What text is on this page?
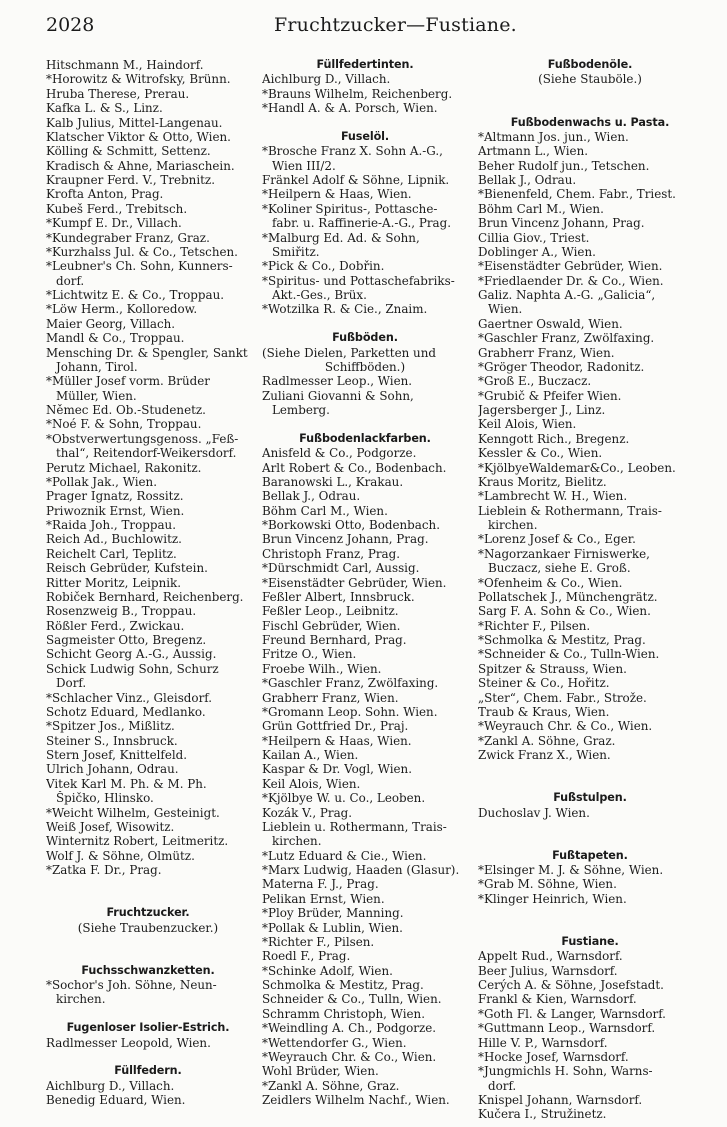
2028	Fruchtzucker—Fustiane.
Hitschmann M., Haindorf.
*Horowitz & Witrofsky, Brünn.
Hruba Therese, Prerau.
Kafka L. & S., Linz.
Kalb Julius, Mittel-Langenau.
Klatscher Viktor & Otto, Wien.
Kölling & Schmitt, Settenz.
Kradisch & Ahne, Mariaschein.
Kraupner Ferd. V., Trebnitz.
Krofta Anton, Prag.
Kubeš Ferd., Trebitsch.
*Kumpf E. Dr., Villach.
*Kundegraber Franz, Graz.
*Kurzhalss Jul. & Co., Tetschen.
*Leubner's Ch. Sohn, Kunners-
dorf.
*Lichtwitz E. & Co., Troppau.
*Löw Herm., Kolloredow.
Maier Georg, Villach.
Mandl & Co., Troppau.
Mensching Dr. & Spengler, Sankt
Johann, Tirol.
*Müller Josef vorm. Brüder
Müller, Wien.
Němec Ed. Ob.-Studenetz.
*Noé F. & Sohn, Troppau.
*Obstverwertungsgenoss. „Feß-
thal“, Reitendorf-Weikersdorf.
Perutz Michael, Rakonitz.
*Pollak Jak., Wien.
Prager Ignatz, Rossitz.
Priwoznik Ernst, Wien.
*Raida Joh., Troppau.
Reich Ad., Buchlowitz.
Reichelt Carl, Teplitz.
Reisch Gebrüder, Kufstein.
Ritter Moritz, Leipnik.
Robiček Bernhard, Reichenberg.
Rosenzweig B., Troppau.
Rößler Ferd., Zwickau.
Sagmeister Otto, Bregenz.
Schicht Georg A.-G., Aussig.
Schick Ludwig Sohn, Schurz
Dorf.
*Schlacher Vinz., Gleisdorf.
Schotz Eduard, Medlanko.
*Spitzer Jos., Mißlitz.
Steiner S., Innsbruck.
Stern Josef, Knittelfeld.
Ulrich Johann, Odrau.
Vitek Karl M. Ph. & M. Ph.
Špičko, Hlinsko.
*Weicht Wilhelm, Gesteinigt.
Weiß Josef, Wisowitz.
Winternitz Robert, Leitmeritz.
Wolf J. & Söhne, Olmütz.
*Zatka F. Dr., Prag.
Fruchtzucker.
(Siehe Traubenzucker.)
Fuchsschwanzketten.
*Sochor's Joh. Söhne, Neun-
kirchen.
Fugenloser Isolier-Estrich.
Radlmesser Leopold, Wien.
Füllfedern.
Aichlburg D., Villach.
Benedig Eduard, Wien.
Füllfedertinten.
Aichlburg D., Villach.
*Brauns Wilhelm, Reichenberg.
*Handl A. & A. Porsch, Wien.
Fuselöl.
*Brosche Franz X. Sohn A.-G.,
Wien III/2.
Fränkel Adolf & Söhne, Lipnik.
*Heilpern & Haas, Wien.
*Koliner Spiritus-, Pottasche-
fabr. u. Raffinerie-A.-G., Prag.
*Malburg Ed. Ad. & Sohn,
Smiřitz.
*Pick & Co., Dobřin.
*Spiritus- und Pottaschefabriks-
Akt.-Ges., Brüx.
*Wotzilka R. & Cie., Znaim.
Fußböden.
(Siehe Dielen, Parketten und
Schiffböden.)
Radlmesser Leop., Wien.
Zuliani Giovanni & Sohn,
Lemberg.
Fußbodenlackfarben.
Anisfeld & Co., Podgorze.
Arlt Robert & Co., Bodenbach.
Baranowski L., Krakau.
Bellak J., Odrau.
Böhm Carl M., Wien.
*Borkowski Otto, Bodenbach.
Brun Vincenz Johann, Prag.
Christoph Franz, Prag.
*Dürschmidt Carl, Aussig.
*Eisenstädter Gebrüder, Wien.
Feßler Albert, Innsbruck.
Feßler Leop., Leibnitz.
Fischl Gebrüder, Wien.
Freund Bernhard, Prag.
Fritze O., Wien.
Froebe Wilh., Wien.
*Gaschler Franz, Zwölfaxing.
Grabherr Franz, Wien.
*Gromann Leop. Sohn. Wien.
Grün Gottfried Dr., Praj.
*Heilpern & Haas, Wien.
Kailan A., Wien.
Kaspar & Dr. Vogl, Wien.
Keil Alois, Wien.
*Kjölbye W. u. Co., Leoben.
Kozák V., Prag.
Lieblein u. Rothermann, Trais-
kirchen.
*Lutz Eduard & Cie., Wien.
*Marx Ludwig, Haaden (Glasur).
Materna F. J., Prag.
Pelikan Ernst, Wien.
*Ploy Brüder, Manning.
*Pollak & Lublin, Wien.
*Richter F., Pilsen.
Roedl F., Prag.
*Schinke Adolf, Wien.
Schmolka & Mestitz, Prag.
Schneider & Co., Tulln, Wien.
Schramm Christoph, Wien.
*Weindling A. Ch., Podgorze.
*Wettendorfer G., Wien.
*Weyrauch Chr. & Co., Wien.
Wohl Brüder, Wien.
*Zankl A. Söhne, Graz.
Zeidlers Wilhelm Nachf., Wien.
Fußbodenöle.
(Siehe Stauböle.)
Fußbodenwachs u. Pasta.
*Altmann Jos. jun., Wien.
Artmann L., Wien.
Beher Rudolf jun., Tetschen.
Bellak J., Odrau.
*Bienenfeld, Chem. Fabr., Triest.
Böhm Carl M., Wien.
Brun Vincenz Johann, Prag.
Cillia Giov., Triest.
Doblinger A., Wien.
*Eisenstädter Gebrüder, Wien.
*Friedlaender Dr. & Co., Wien.
Galiz. Naphta A.-G. „Galicia“,
Wien.
Gaertner Oswald, Wien.
*Gaschler Franz, Zwölfaxing.
Grabherr Franz, Wien.
*Gröger Theodor, Radonitz.
*Groß E., Buczacz.
*Grubič & Pfeifer Wien.
Jagersberger J., Linz.
Keil Alois, Wien.
Kenngott Rich., Bregenz.
Kessler & Co., Wien.
*KjölbyeWaldemar&Co., Leoben.
Kraus Moritz, Bielitz.
*Lambrecht W. H., Wien.
Lieblein & Rothermann, Trais-
kirchen.
*Lorenz Josef & Co., Eger.
*Nagorzankaer Firniswerke,
Buczacz, siehe E. Groß.
*Ofenheim & Co., Wien.
Pollatschek J., Münchengrätz.
Sarg F. A. Sohn & Co., Wien.
*Richter F., Pilsen.
*Schmolka & Mestitz, Prag.
*Schneider & Co., Tulln-Wien.
Spitzer & Strauss, Wien.
Steiner & Co., Hořitz.
„Ster“, Chem. Fabr., Strože.
Traub & Kraus, Wien.
*Weyrauch Chr. & Co., Wien.
*Zankl A. Söhne, Graz.
Zwick Franz X., Wien.
Fußstulpen.
Duchoslav J. Wien.
Fußtapeten.
*Elsinger M. J. & Söhne, Wien.
*Grab M. Söhne, Wien.
*Klinger Heinrich, Wien.
Fustiane.
Appelt Rud., Warnsdorf.
Beer Julius, Warnsdorf.
Cerých A. & Söhne, Josefstadt.
Frankl & Kien, Warnsdorf.
*Goth Fl. & Langer, Warnsdorf.
*Guttmann Leop., Warnsdorf.
Hille V. P., Warnsdorf.
*Hocke Josef, Warnsdorf.
*Jungmichls H. Sohn, Warns-
dorf.
Knispel Johann, Warnsdorf.
Kučera I., Stružinetz.
